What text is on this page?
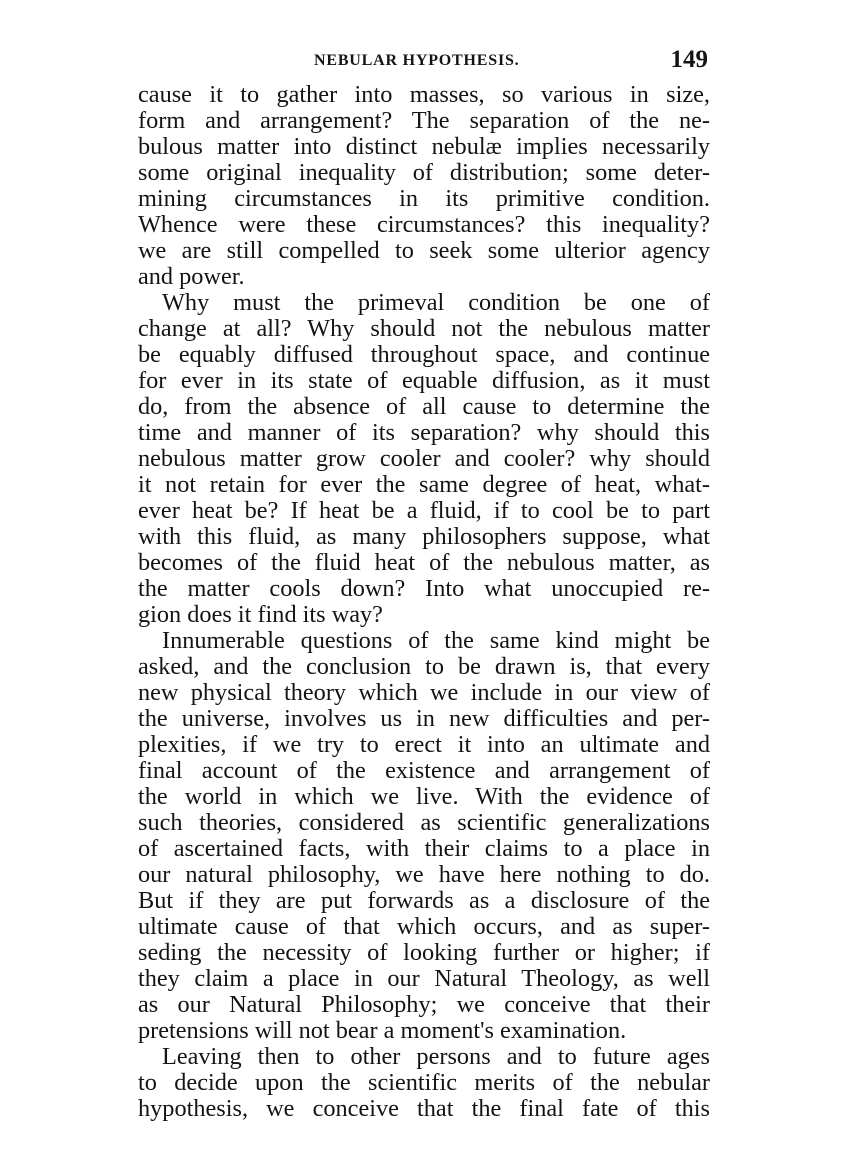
NEBULAR HYPOTHESIS.	149
cause it to gather into masses, so various in size,
form and arrangement? The separation of the ne-
bulous matter into distinct nebulæ implies necessarily
some original inequality of distribution; some deter-
mining circumstances in its primitive condition.
Whence were these circumstances? this inequality?
we are still compelled to seek some ulterior agency
and power.
Why must the primeval condition be one of
change at all? Why should not the nebulous matter
be equably diffused throughout space, and continue
for ever in its state of equable diffusion, as it must
do, from the absence of all cause to determine the
time and manner of its separation? why should this
nebulous matter grow cooler and cooler? why should
it not retain for ever the same degree of heat, what-
ever heat be? If heat be a fluid, if to cool be to part
with this fluid, as many philosophers suppose, what
becomes of the fluid heat of the nebulous matter, as
the matter cools down? Into what unoccupied re-
gion does it find its way?
Innumerable questions of the same kind might be
asked, and the conclusion to be drawn is, that every
new physical theory which we include in our view of
the universe, involves us in new difficulties and per-
plexities, if we try to erect it into an ultimate and
final account of the existence and arrangement of
the world in which we live. With the evidence of
such theories, considered as scientific generalizations
of ascertained facts, with their claims to a place in
our natural philosophy, we have here nothing to do.
But if they are put forwards as a disclosure of the
ultimate cause of that which occurs, and as super-
seding the necessity of looking further or higher; if
they claim a place in our Natural Theology, as well
as our Natural Philosophy; we conceive that their
pretensions will not bear a moment's examination.
Leaving then to other persons and to future ages
to decide upon the scientific merits of the nebular
hypothesis, we conceive that the final fate of this
